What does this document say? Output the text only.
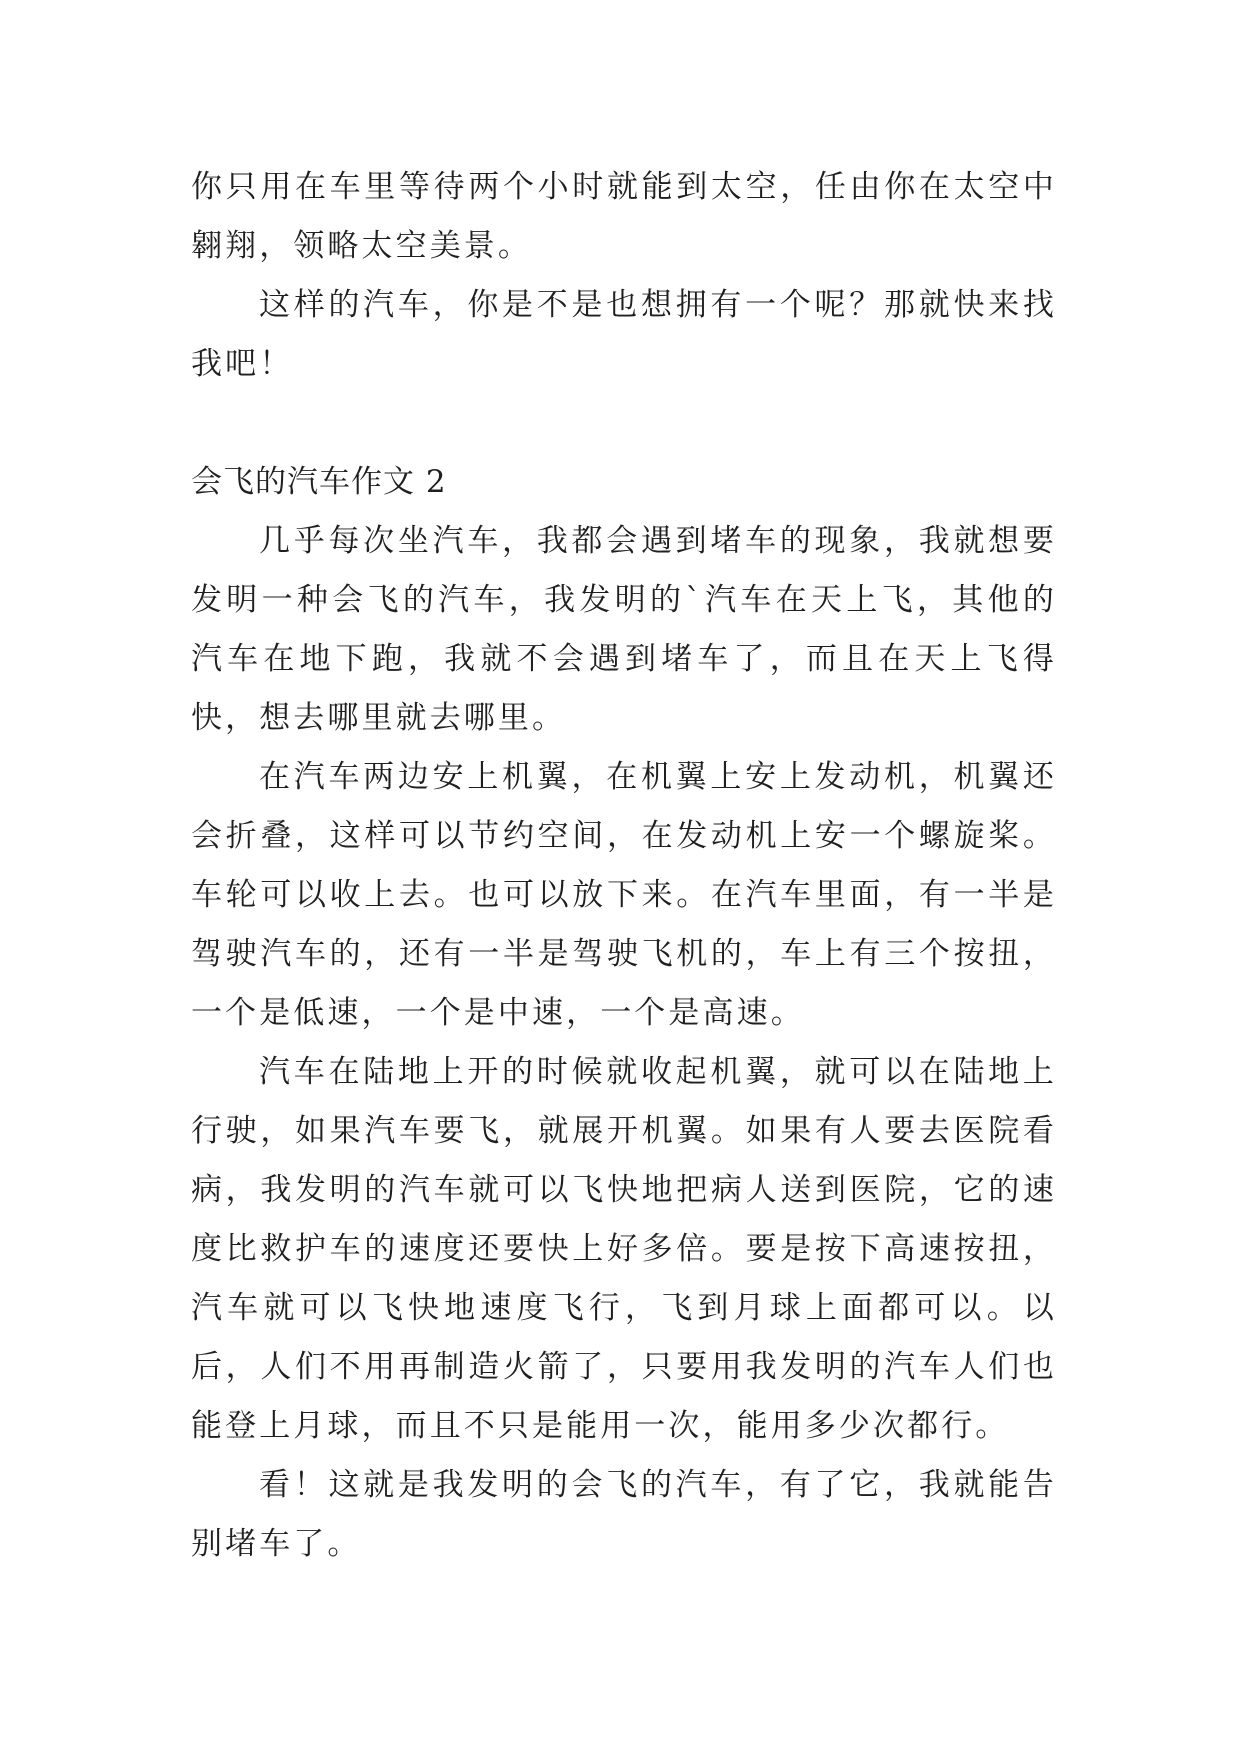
你只用在车里等待两个小时就能到太空，任由你在太空中翱翔，领略太空美景。

这样的汽车，你是不是也想拥有一个呢？那就快来找我吧！

会飞的汽车作文 2

几乎每次坐汽车，我都会遇到堵车的现象，我就想要发明一种会飞的汽车，我发明的`汽车在天上飞，其他的汽车在地下跑，我就不会遇到堵车了，而且在天上飞得快，想去哪里就去哪里。

在汽车两边安上机翼，在机翼上安上发动机，机翼还会折叠，这样可以节约空间，在发动机上安一个螺旋桨。车轮可以收上去。也可以放下来。在汽车里面，有一半是驾驶汽车的，还有一半是驾驶飞机的，车上有三个按扭，一个是低速，一个是中速，一个是高速。

汽车在陆地上开的时候就收起机翼，就可以在陆地上行驶，如果汽车要飞，就展开机翼。如果有人要去医院看病，我发明的汽车就可以飞快地把病人送到医院，它的速度比救护车的速度还要快上好多倍。要是按下高速按扭，汽车就可以飞快地速度飞行，飞到月球上面都可以。以后，人们不用再制造火箭了，只要用我发明的汽车人们也能登上月球，而且不只是能用一次，能用多少次都行。

看！这就是我发明的会飞的汽车，有了它，我就能告别堵车了。
